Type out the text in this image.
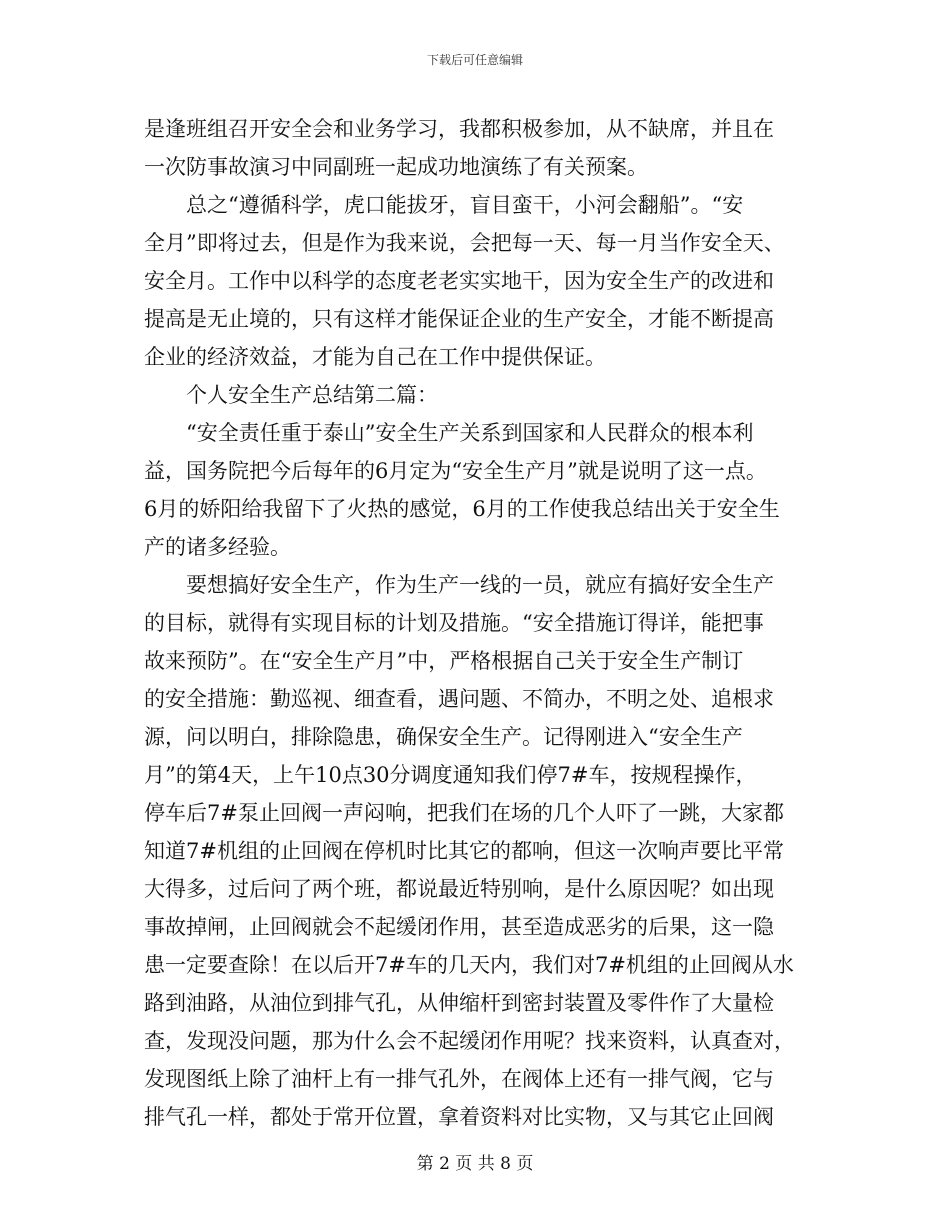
下载后可任意编辑
是逢班组召开安全会和业务学习，我都积极参加，从不缺席，并且在
一次防事故演习中同副班一起成功地演练了有关预案。
总之“遵循科学，虎口能拔牙，盲目蛮干，小河会翻船”。“安
全月”即将过去，但是作为我来说，会把每一天、每一月当作安全天、
安全月。工作中以科学的态度老老实实地干，因为安全生产的改进和
提高是无止境的，只有这样才能保证企业的生产安全，才能不断提高
企业的经济效益，才能为自己在工作中提供保证。
个人安全生产总结第二篇：
“安全责任重于泰山”安全生产关系到国家和人民群众的根本利
益，国务院把今后每年的6月定为“安全生产月”就是说明了这一点。
6月的娇阳给我留下了火热的感觉，6月的工作使我总结出关于安全生
产的诸多经验。
要想搞好安全生产，作为生产一线的一员，就应有搞好安全生产
的目标，就得有实现目标的计划及措施。“安全措施订得详，能把事
故来预防”。在“安全生产月”中，严格根据自己关于安全生产制订
的安全措施：勤巡视、细查看，遇问题、不简办，不明之处、追根求
源，问以明白，排除隐患，确保安全生产。记得刚进入“安全生产
月”的第4天，上午10点30分调度通知我们停7#车，按规程操作，
停车后7#泵止回阀一声闷响，把我们在场的几个人吓了一跳，大家都
知道7#机组的止回阀在停机时比其它的都响，但这一次响声要比平常
大得多，过后问了两个班，都说最近特别响，是什么原因呢？如出现
事故掉闸，止回阀就会不起缓闭作用，甚至造成恶劣的后果，这一隐
患一定要查除！在以后开7#车的几天内，我们对7#机组的止回阀从水
路到油路，从油位到排气孔，从伸缩杆到密封装置及零件作了大量检
查，发现没问题，那为什么会不起缓闭作用呢？找来资料，认真查对，
发现图纸上除了油杆上有一排气孔外，在阀体上还有一排气阀，它与
排气孔一样，都处于常开位置，拿着资料对比实物，又与其它止回阀
第 2 页 共 8 页
